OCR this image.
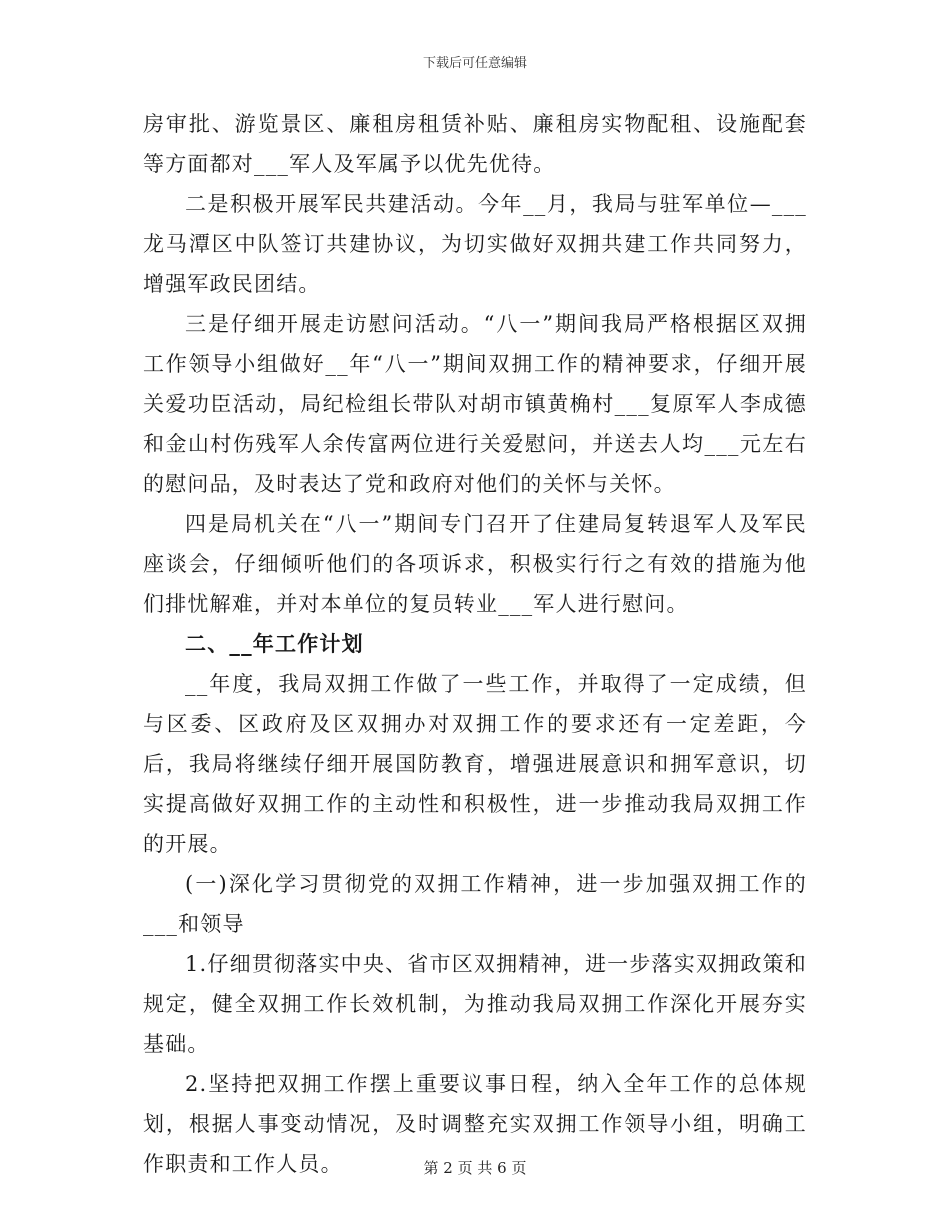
下载后可任意编辑

房审批、游览景区、廉租房租赁补贴、廉租房实物配租、设施配套等方面都对___军人及军属予以优先优待。

二是积极开展军民共建活动。今年__月，我局与驻军单位—___龙马潭区中队签订共建协议，为切实做好双拥共建工作共同努力，增强军政民团结。

三是仔细开展走访慰问活动。“八一”期间我局严格根据区双拥工作领导小组做好__年“八一”期间双拥工作的精神要求，仔细开展关爱功臣活动，局纪检组长带队对胡市镇黄桷村___复原军人李成德和金山村伤残军人余传富两位进行关爱慰问，并送去人均___元左右的慰问品，及时表达了党和政府对他们的关怀与关怀。

四是局机关在“八一”期间专门召开了住建局复转退军人及军民座谈会，仔细倾听他们的各项诉求，积极实行行之有效的措施为他们排忧解难，并对本单位的复员转业___军人进行慰问。

二、__年工作计划

__年度，我局双拥工作做了一些工作，并取得了一定成绩，但与区委、区政府及区双拥办对双拥工作的要求还有一定差距，今后，我局将继续仔细开展国防教育，增强进展意识和拥军意识，切实提高做好双拥工作的主动性和积极性，进一步推动我局双拥工作的开展。

(一)深化学习贯彻党的双拥工作精神，进一步加强双拥工作的___和领导

1.仔细贯彻落实中央、省市区双拥精神，进一步落实双拥政策和规定，健全双拥工作长效机制，为推动我局双拥工作深化开展夯实基础。

2.坚持把双拥工作摆上重要议事日程，纳入全年工作的总体规划，根据人事变动情况，及时调整充实双拥工作领导小组，明确工作职责和工作人员。	第 2 页 共 6 页
